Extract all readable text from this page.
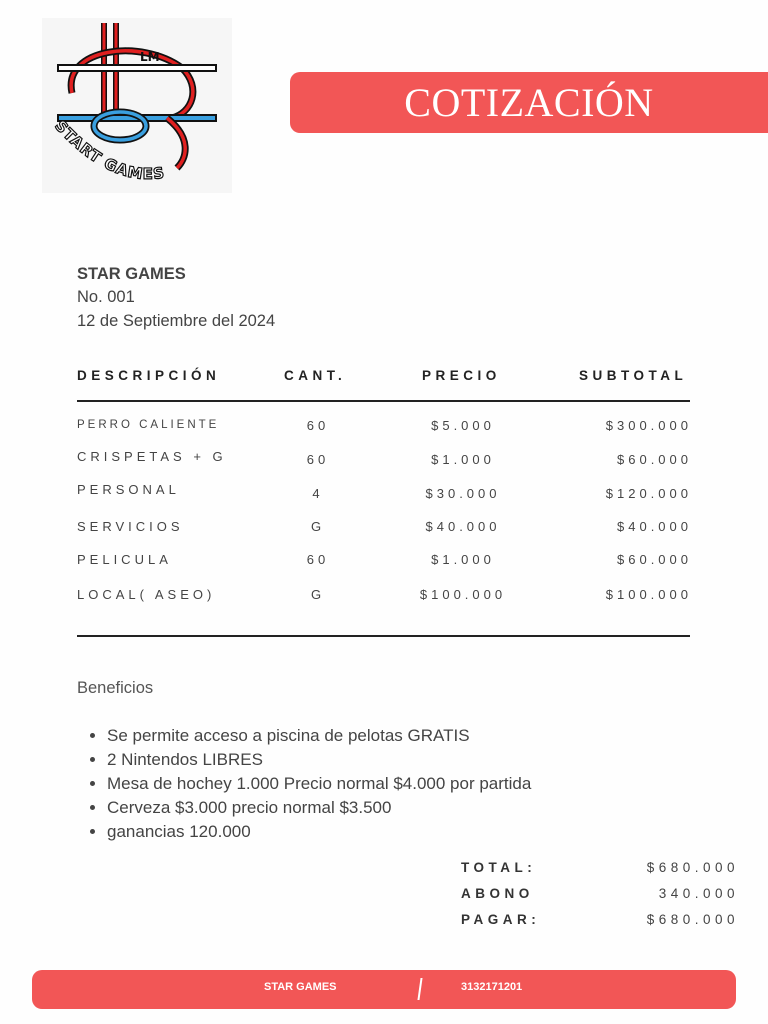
START GAMES
LM
COTIZACIÓN
STAR GAMES
No. 001
12 de Septiembre del 2024
DESCRIPCIÓN	CANT.	PRECIO	SUBTOTAL
PERRO CALIENTE	60	$5.000	$300.000
CRISPETAS + G	60	$1.000	$60.000
PERSONAL	4	$30.000	$120.000
SERVICIOS	G	$40.000	$40.000
PELICULA	60	$1.000	$60.000
LOCAL( ASEO)	G	$100.000	$100.000
Beneficios
• Se permite acceso a piscina de pelotas GRATIS
• 2 Nintendos LIBRES
• Mesa de hochey 1.000 Precio normal $4.000 por partida
• Cerveza $3.000 precio normal $3.500
• ganancias 120.000
TOTAL:	$680.000
ABONO	340.000
PAGAR:	$680.000
STAR GAMES	3132171201
